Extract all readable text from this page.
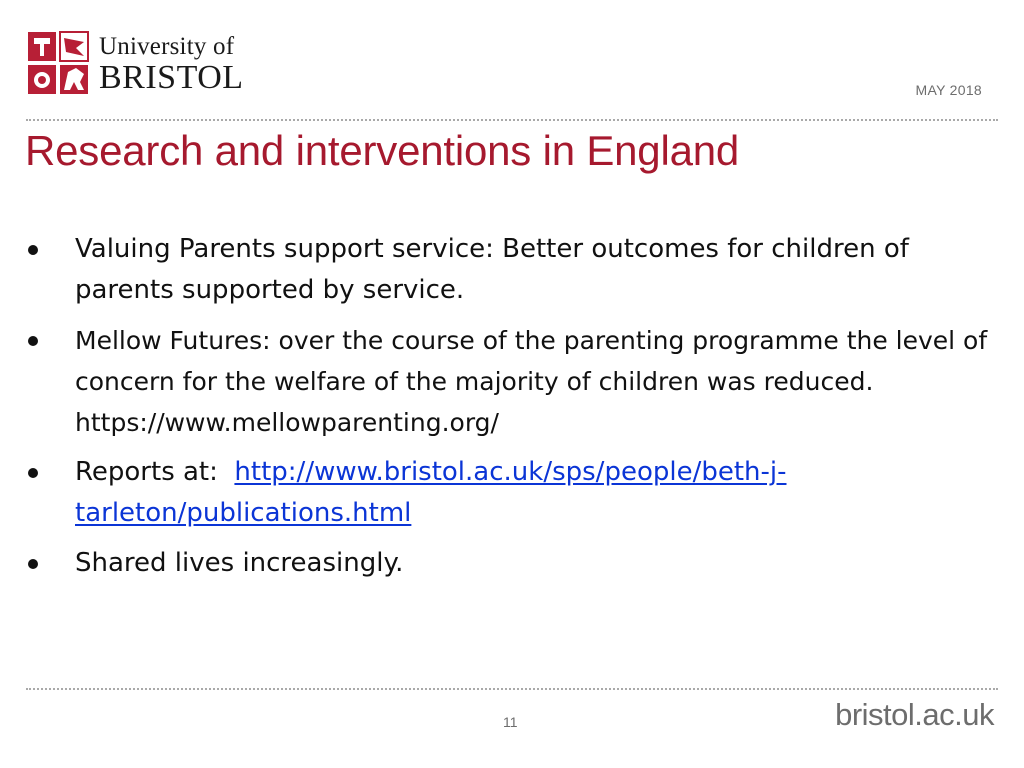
University of
BRISTOL	MAY 2018
Research and interventions in England
Valuing Parents support service: Better outcomes for children of parents supported by service.
Mellow Futures: over the course of the parenting programme the level of concern for the welfare of the majority of children was reduced. https://www.mellowparenting.org/
Reports at: http://www.bristol.ac.uk/sps/people/beth-j-tarleton/publications.html
Shared lives increasingly.
11	bristol.ac.uk
